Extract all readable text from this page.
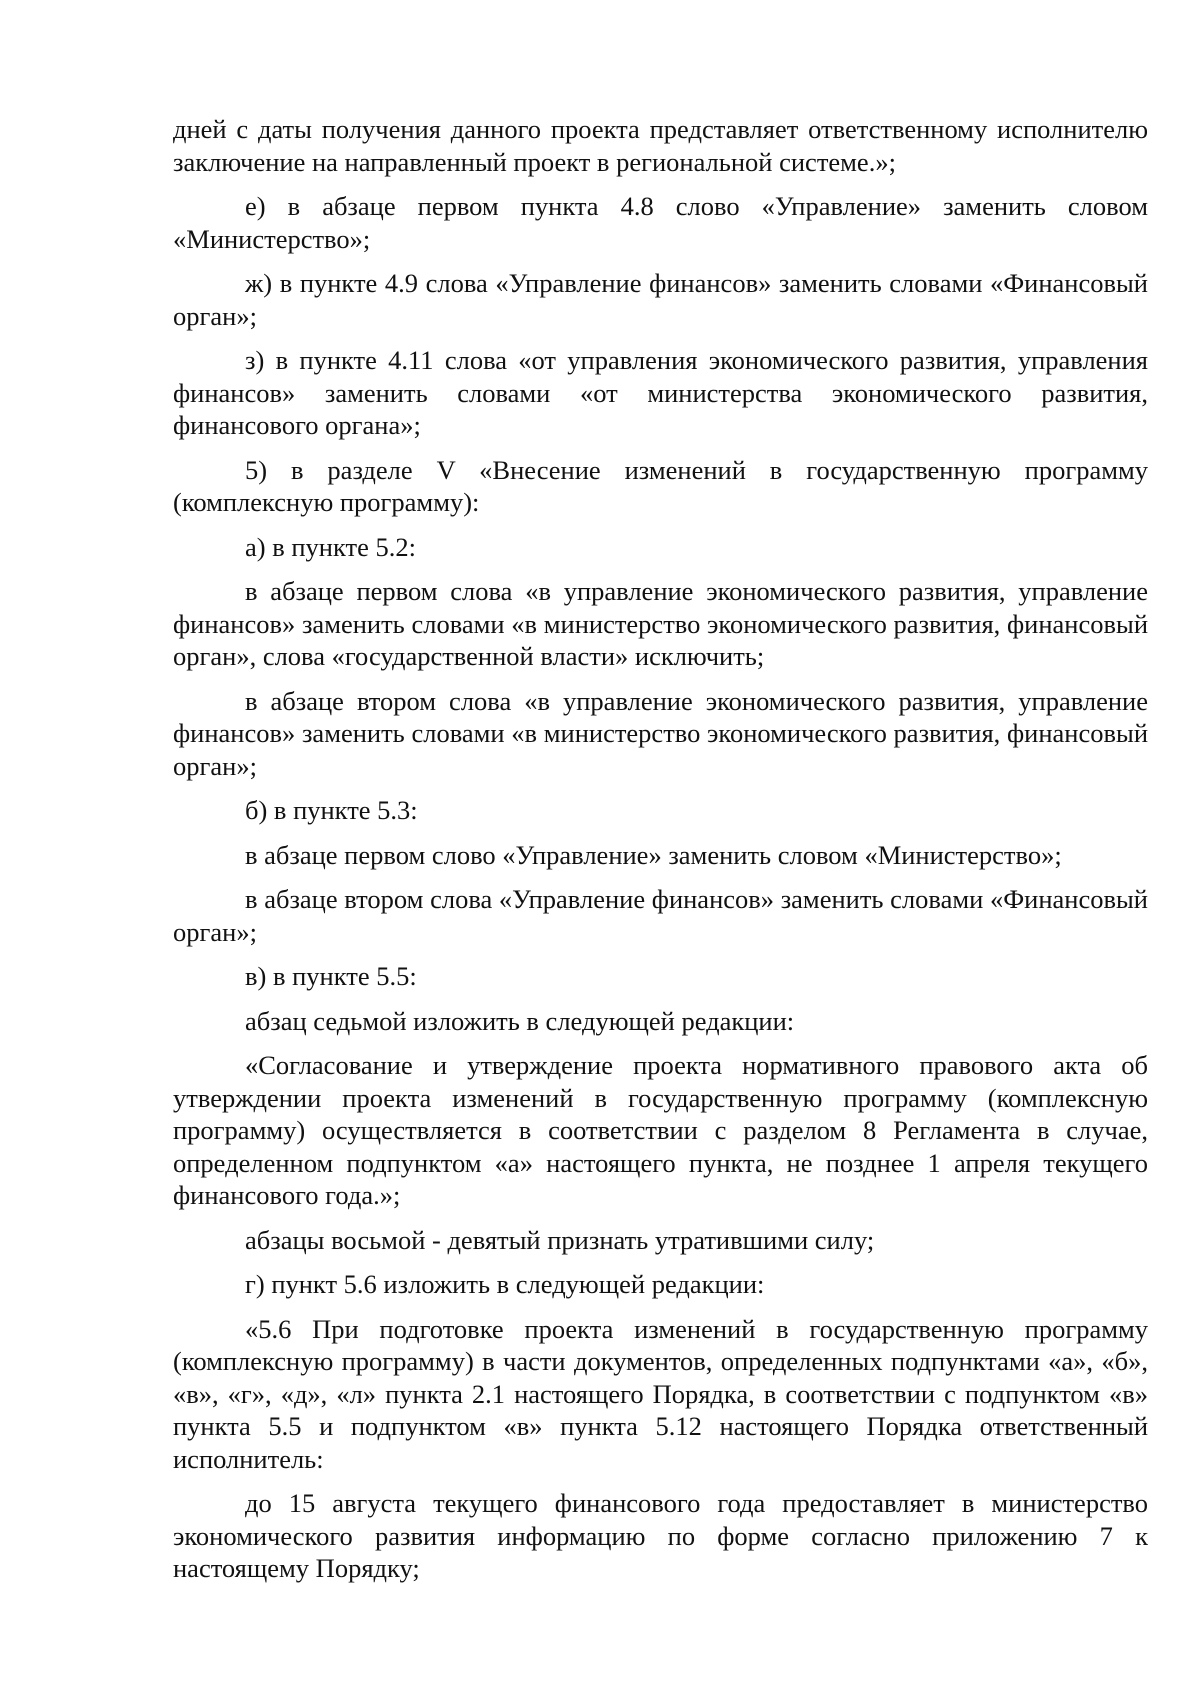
дней с даты получения данного проекта представляет ответственному исполнителю заключение на направленный проект в региональной системе.»;

е) в абзаце первом пункта 4.8 слово «Управление» заменить словом «Министерство»;

ж) в пункте 4.9 слова «Управление финансов» заменить словами «Финансовый орган»;

з) в пункте 4.11 слова «от управления экономического развития, управления финансов» заменить словами «от министерства экономического развития, финансового органа»;

5) в разделе V «Внесение изменений в государственную программу (комплексную программу):

а) в пункте 5.2:

в абзаце первом слова «в управление экономического развития, управление финансов» заменить словами «в министерство экономического развития, финансовый орган», слова «государственной власти» исключить;

в абзаце втором слова «в управление экономического развития, управление финансов» заменить словами «в министерство экономического развития, финансовый орган»;

б) в пункте 5.3:

в абзаце первом слово «Управление» заменить словом «Министерство»;

в абзаце втором слова «Управление финансов» заменить словами «Финансовый орган»;

в) в пункте 5.5:

абзац седьмой изложить в следующей редакции:

«Согласование и утверждение проекта нормативного правового акта об утверждении проекта изменений в государственную программу (комплексную программу) осуществляется в соответствии с разделом 8 Регламента в случае, определенном подпунктом «а» настоящего пункта, не позднее 1 апреля текущего финансового года.»;

абзацы восьмой - девятый признать утратившими силу;

г) пункт 5.6 изложить в следующей редакции:

«5.6 При подготовке проекта изменений в государственную программу (комплексную программу) в части документов, определенных подпунктами «а», «б», «в», «г», «д», «л» пункта 2.1 настоящего Порядка, в соответствии с подпунктом «в» пункта 5.5 и подпунктом «в» пункта 5.12 настоящего Порядка ответственный исполнитель:

до 15 августа текущего финансового года предоставляет в министерство экономического развития информацию по форме согласно приложению 7 к настоящему Порядку;
